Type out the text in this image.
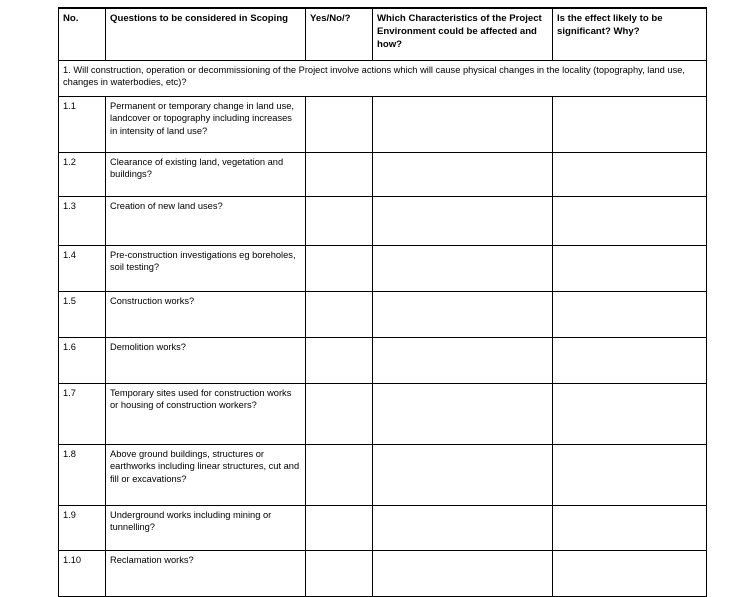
No.	Questions to be considered in Scoping	Yes/No/?	Which Characteristics of the Project Environment could be affected and how?	Is the effect likely to be significant? Why?
1. Will construction, operation or decommissioning of the Project involve actions which will cause physical changes in the locality (topography, land use, changes in waterbodies, etc)?				
1.1	Permanent or temporary change in land use, landcover or topography including increases in intensity of land use?			
1.2	Clearance of existing land, vegetation and buildings?			
1.3	Creation of new land uses?			
1.4	Pre-construction investigations eg boreholes, soil testing?			
1.5	Construction works?			
1.6	Demolition works?			
1.7	Temporary sites used for construction works or housing of construction workers?			
1.8	Above ground buildings, structures or earthworks including linear structures, cut and fill or excavations?			
1.9	Underground works including mining or tunnelling?			
1.10	Reclamation works?			
